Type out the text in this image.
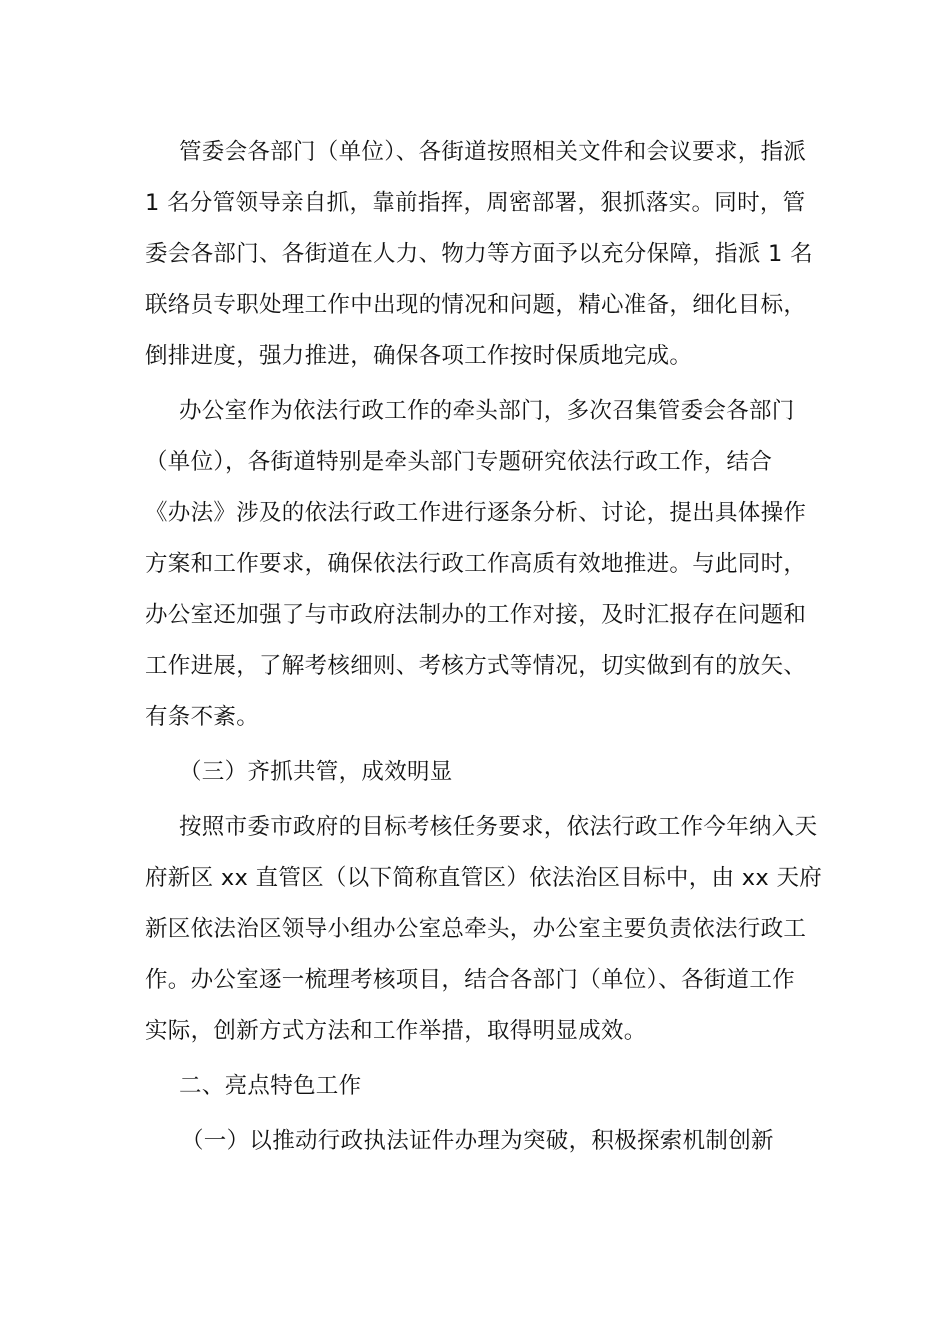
管委会各部门（单位）、各街道按照相关文件和会议要求，指派
1 名分管领导亲自抓，靠前指挥，周密部署，狠抓落实。同时，管
委会各部门、各街道在人力、物力等方面予以充分保障，指派 1 名
联络员专职处理工作中出现的情况和问题，精心准备，细化目标，
倒排进度，强力推进，确保各项工作按时保质地完成。
办公室作为依法行政工作的牵头部门，多次召集管委会各部门
（单位），各街道特别是牵头部门专题研究依法行政工作，结合
《办法》涉及的依法行政工作进行逐条分析、讨论，提出具体操作
方案和工作要求，确保依法行政工作高质有效地推进。与此同时，
办公室还加强了与市政府法制办的工作对接，及时汇报存在问题和
工作进展，了解考核细则、考核方式等情况，切实做到有的放矢、
有条不紊。
（三）齐抓共管，成效明显
按照市委市政府的目标考核任务要求，依法行政工作今年纳入天
府新区 xx 直管区（以下简称直管区）依法治区目标中，由 xx 天府
新区依法治区领导小组办公室总牵头，办公室主要负责依法行政工
作。办公室逐一梳理考核项目，结合各部门（单位）、各街道工作
实际，创新方式方法和工作举措，取得明显成效。
二、亮点特色工作
（一）以推动行政执法证件办理为突破，积极探索机制创新
